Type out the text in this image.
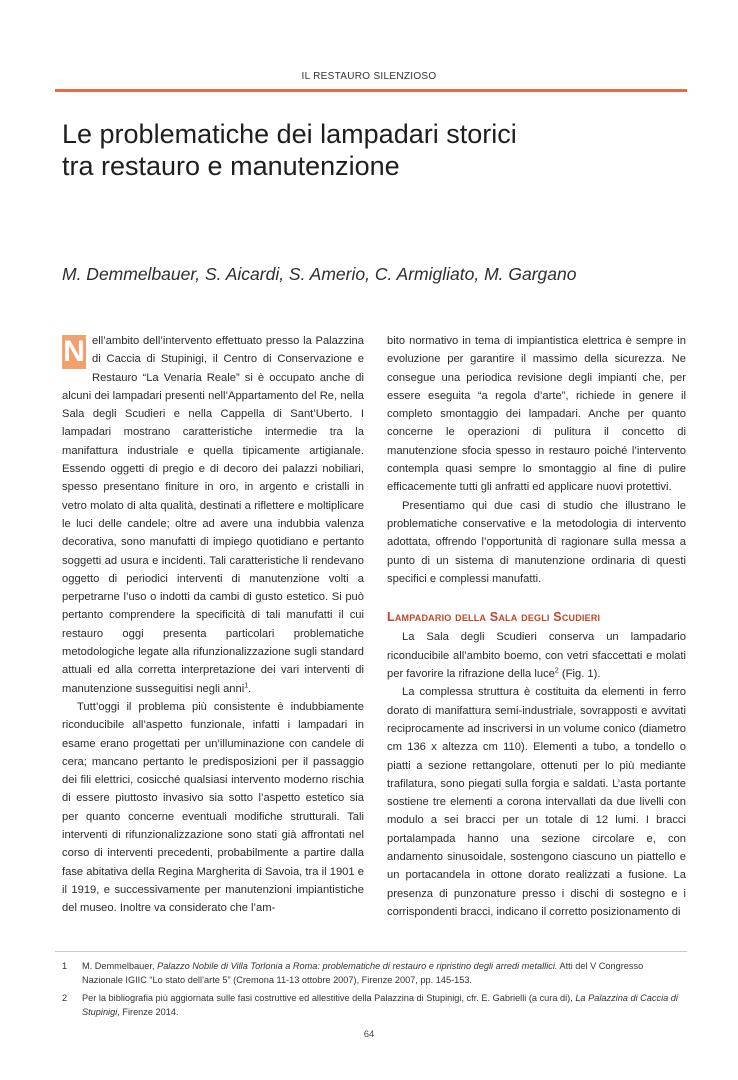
IL RESTAURO SILENZIOSO
Le problematiche dei lampadari storici
tra restauro e manutenzione
M. Demmelbauer, S. Aicardi, S. Amerio, C. Armigliato, M. Gargano

N ell’ambito dell’intervento effettuato presso la Palazzina di Caccia di Stupinigi, il Centro di Conservazione e Restauro “La Venaria Reale” si è occupato anche di alcuni dei lampadari presenti nell’Appartamento del Re, nella Sala degli Scudieri e nella Cappella di Sant’Uberto. I lampadari mostrano caratteristiche intermedie tra la manifattura industriale e quella tipicamente artigianale. Essendo oggetti di pregio e di decoro dei palazzi nobiliari, spesso presentano finiture in oro, in argento e cristalli in vetro molato di alta qualità, destinati a riflettere e moltiplicare le luci delle candele; oltre ad avere una indubbia valenza decorativa, sono manufatti di impiego quotidiano e pertanto soggetti ad usura e incidenti. Tali caratteristiche li rendevano oggetto di periodici interventi di manutenzione volti a perpetrarne l’uso o indotti da cambi di gusto estetico. Si può pertanto comprendere la specificità di tali manufatti il cui restauro oggi presenta particolari problematiche metodologiche legate alla rifunzionalizzazione sugli standard attuali ed alla corretta interpretazione dei vari interventi di manutenzione susseguitisi negli anni$^1$.

Tutt’oggi il problema più consistente è indubbiamente riconducibile all’aspetto funzionale, infatti i lampadari in esame erano progettati per un’illuminazione con candele di cera; mancano pertanto le predisposizioni per il passaggio dei fili elettrici, cosicché qualsiasi intervento moderno rischia di essere piuttosto invasivo sia sotto l’aspetto estetico sia per quanto concerne eventuali modifiche strutturali. Tali interventi di rifunzionalizzazione sono stati già affrontati nel corso di interventi precedenti, probabilmente a partire dalla fase abitativa della Regina Margherita di Savoia, tra il 1901 e il 1919, e successivamente per manutenzioni impiantistiche del museo. Inoltre va considerato che l’am-

bito normativo in tema di impiantistica elettrica è sempre in evoluzione per garantire il massimo della sicurezza. Ne consegue una periodica revisione degli impianti che, per essere eseguita “a regola d’arte”, richiede in genere il completo smontaggio dei lampadari. Anche per quanto concerne le operazioni di pulitura il concetto di manutenzione sfocia spesso in restauro poiché l’intervento contempla quasi sempre lo smontaggio al fine di pulire efficacemente tutti gli anfratti ed applicare nuovi protettivi.

Presentiamo qui due casi di studio che illustrano le problematiche conservative e la metodologia di intervento adottata, offrendo l’opportunità di ragionare sulla messa a punto di un sistema di manutenzione ordinaria di questi specifici e complessi manufatti.

Lampadario della Sala degli Scudieri

La Sala degli Scudieri conserva un lampadario riconducibile all’ambito boemo, con vetri sfaccettati e molati per favorire la rifrazione della luce$^2$ (Fig. 1).

La complessa struttura è costituita da elementi in ferro dorato di manifattura semi-industriale, sovrapposti e avvitati reciprocamente ad inscriversi in un volume conico (diametro cm 136 x altezza cm 110). Elementi a tubo, a tondello o piatti a sezione rettangolare, ottenuti per lo più mediante trafilatura, sono piegati sulla forgia e saldati. L’asta portante sostiene tre elementi a corona intervallati da due livelli con modulo a sei bracci per un totale di 12 lumi. I bracci portalampada hanno una sezione circolare e, con andamento sinusoidale, sostengono ciascuno un piattello e un portacandela in ottone dorato realizzati a fusione. La presenza di punzonature presso i dischi di sostegno e i corrispondenti bracci, indicano il corretto posizionamento di

1 M. Demmelbauer, Palazzo Nobile di Villa Torlonia a Roma: problematiche di restauro e ripristino degli arredi metallici. Atti del V Congresso Nazionale IGIIC “Lo stato dell’arte 5” (Cremona 11-13 ottobre 2007), Firenze 2007, pp. 145-153.
2 Per la bibliografia più aggiornata sulle fasi costruttive ed allestitive della Palazzina di Stupinigi, cfr. E. Gabrielli (a cura di), La Palazzina di Caccia di Stupinigi, Firenze 2014.
64
